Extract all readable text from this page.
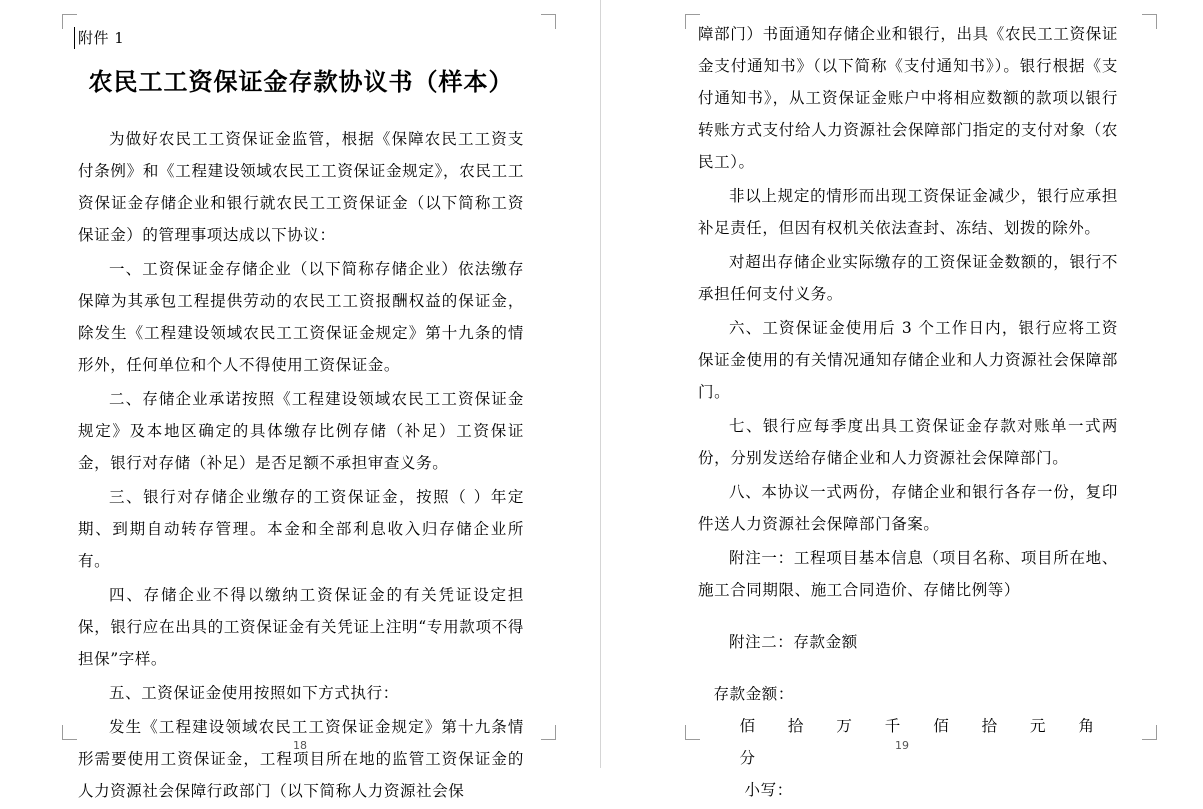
附件 1
农民工工资保证金存款协议书（样本）

为做好农民工工资保证金监管，根据《保障农民工工资支付条例》和《工程建设领域农民工工资保证金规定》，农民工工资保证金存储企业和银行就农民工工资保证金（以下简称工资保证金）的管理事项达成以下协议：

一、工资保证金存储企业（以下简称存储企业）依法缴存保障为其承包工程提供劳动的农民工工资报酬权益的保证金，除发生《工程建设领域农民工工资保证金规定》第十九条的情形外，任何单位和个人不得使用工资保证金。

二、存储企业承诺按照《工程建设领域农民工工资保证金规定》及本地区确定的具体缴存比例存储（补足）工资保证金，银行对存储（补足）是否足额不承担审查义务。

三、银行对存储企业缴存的工资保证金，按照（ ）年定期、到期自动转存管理。本金和全部利息收入归存储企业所有。

四、存储企业不得以缴纳工资保证金的有关凭证设定担保，银行应在出具的工资保证金有关凭证上注明“专用款项不得担保”字样。

五、工资保证金使用按照如下方式执行：

发生《工程建设领域农民工工资保证金规定》第十九条情形需要使用工资保证金，工程项目所在地的监管工资保证金的人力资源社会保障行政部门（以下简称人力资源社会保

18

障部门）书面通知存储企业和银行，出具《农民工工资保证金支付通知书》（以下简称《支付通知书》）。银行根据《支付通知书》，从工资保证金账户中将相应数额的款项以银行转账方式支付给人力资源社会保障部门指定的支付对象（农民工）。

非以上规定的情形而出现工资保证金减少，银行应承担补足责任，但因有权机关依法查封、冻结、划拨的除外。

对超出存储企业实际缴存的工资保证金数额的，银行不承担任何支付义务。

六、工资保证金使用后 3 个工作日内，银行应将工资保证金使用的有关情况通知存储企业和人力资源社会保障部门。

七、银行应每季度出具工资保证金存款对账单一式两份，分别发送给存储企业和人力资源社会保障部门。

八、本协议一式两份，存储企业和银行各存一份，复印件送人力资源社会保障部门备案。

附注一：工程项目基本信息（项目名称、项目所在地、施工合同期限、施工合同造价、存储比例等）

附注二：存款金额

存款金额：佰 拾 万 千 佰 拾 元 角 分

小写：

19
